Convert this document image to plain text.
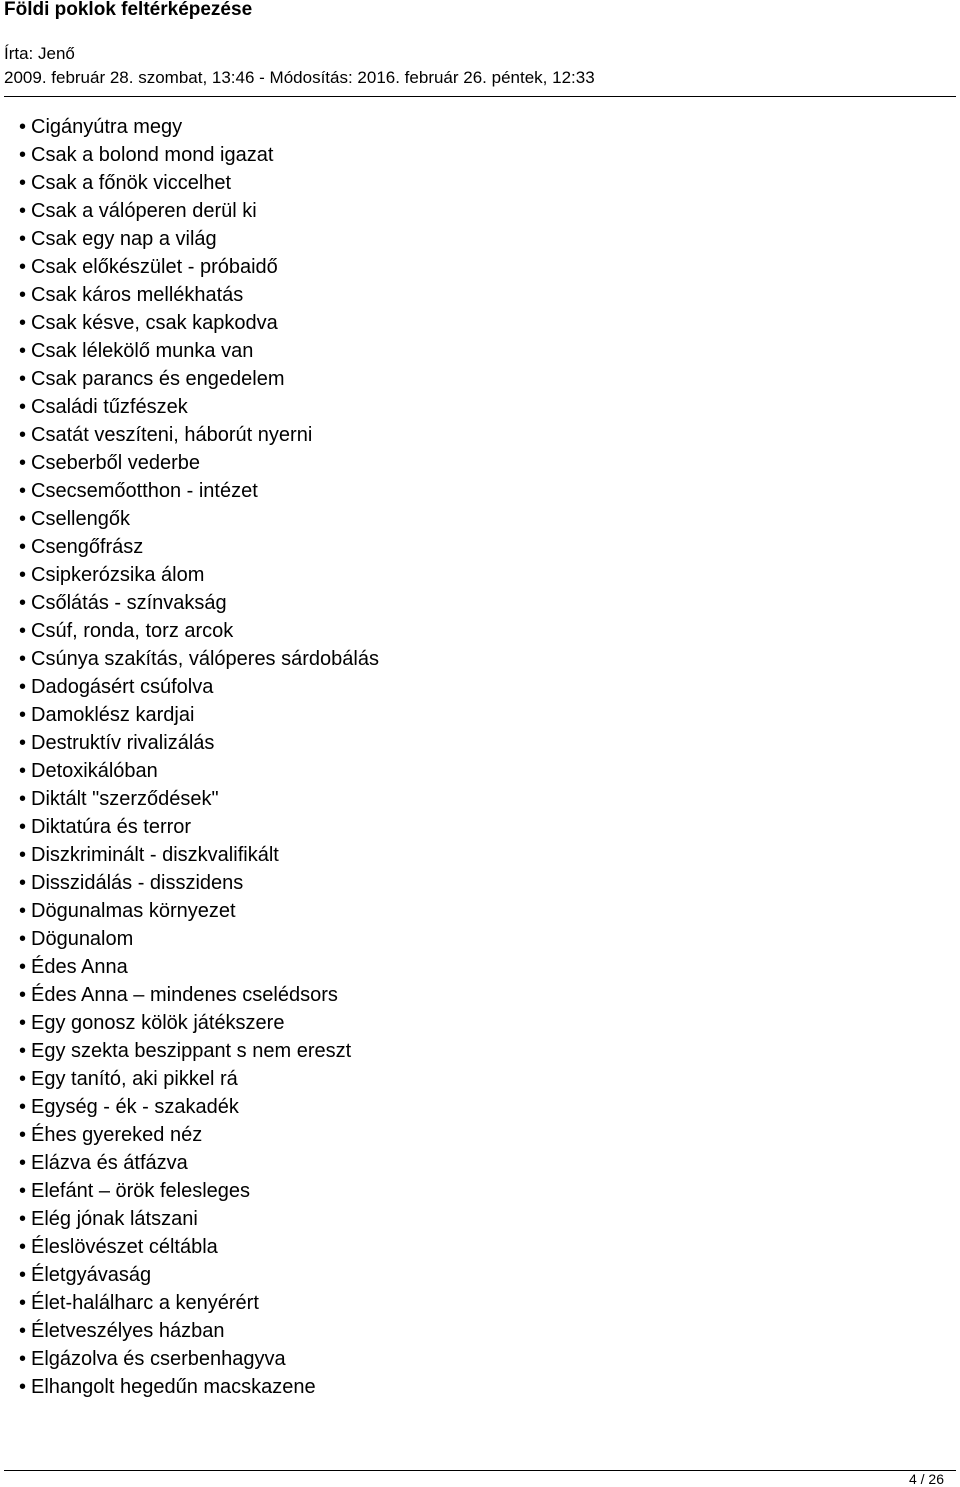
Földi poklok feltérképezése
Írta: Jenő
2009. február 28. szombat, 13:46 - Módosítás: 2016. február 26. péntek, 12:33
• Cigányútra megy
• Csak a bolond mond igazat
• Csak a főnök viccelhet
• Csak a válóperen derül ki
• Csak egy nap a világ
• Csak előkészület - próbaidő
• Csak káros mellékhatás
• Csak késve, csak kapkodva
• Csak lélekölő munka van
• Csak parancs és engedelem
• Családi tűzfészek
• Csatát veszíteni, háborút nyerni
• Cseberből vederbe
• Csecsemőotthon - intézet
• Csellengők
• Csengőfrász
• Csipkerózsika álom
• Csőlátás - színvakság
• Csúf, ronda, torz arcok
• Csúnya szakítás, válóperes sárdobálás
• Dadogásért csúfolva
• Damoklész kardjai
• Destruktív rivalizálás
• Detoxikálóban
• Diktált "szerződések"
• Diktatúra és terror
• Diszkriminált - diszkvalifikált
• Disszidálás - disszidens
• Dögunalmas környezet
• Dögunalom
• Édes Anna
• Édes Anna – mindenes cselédsors
• Egy gonosz kölök játékszere
• Egy szekta beszippant s nem ereszt
• Egy tanító, aki pikkel rá
• Egység - ék - szakadék
• Éhes gyereked néz
• Elázva és átfázva
• Elefánt – örök felesleges
• Elég jónak látszani
• Éleslövészet céltábla
• Életgyávaság
• Élet-halálharc a kenyérért
• Életveszélyes házban
• Elgázolva és cserbenhagyva
• Elhangolt hegedűn macskazene
4 / 26
